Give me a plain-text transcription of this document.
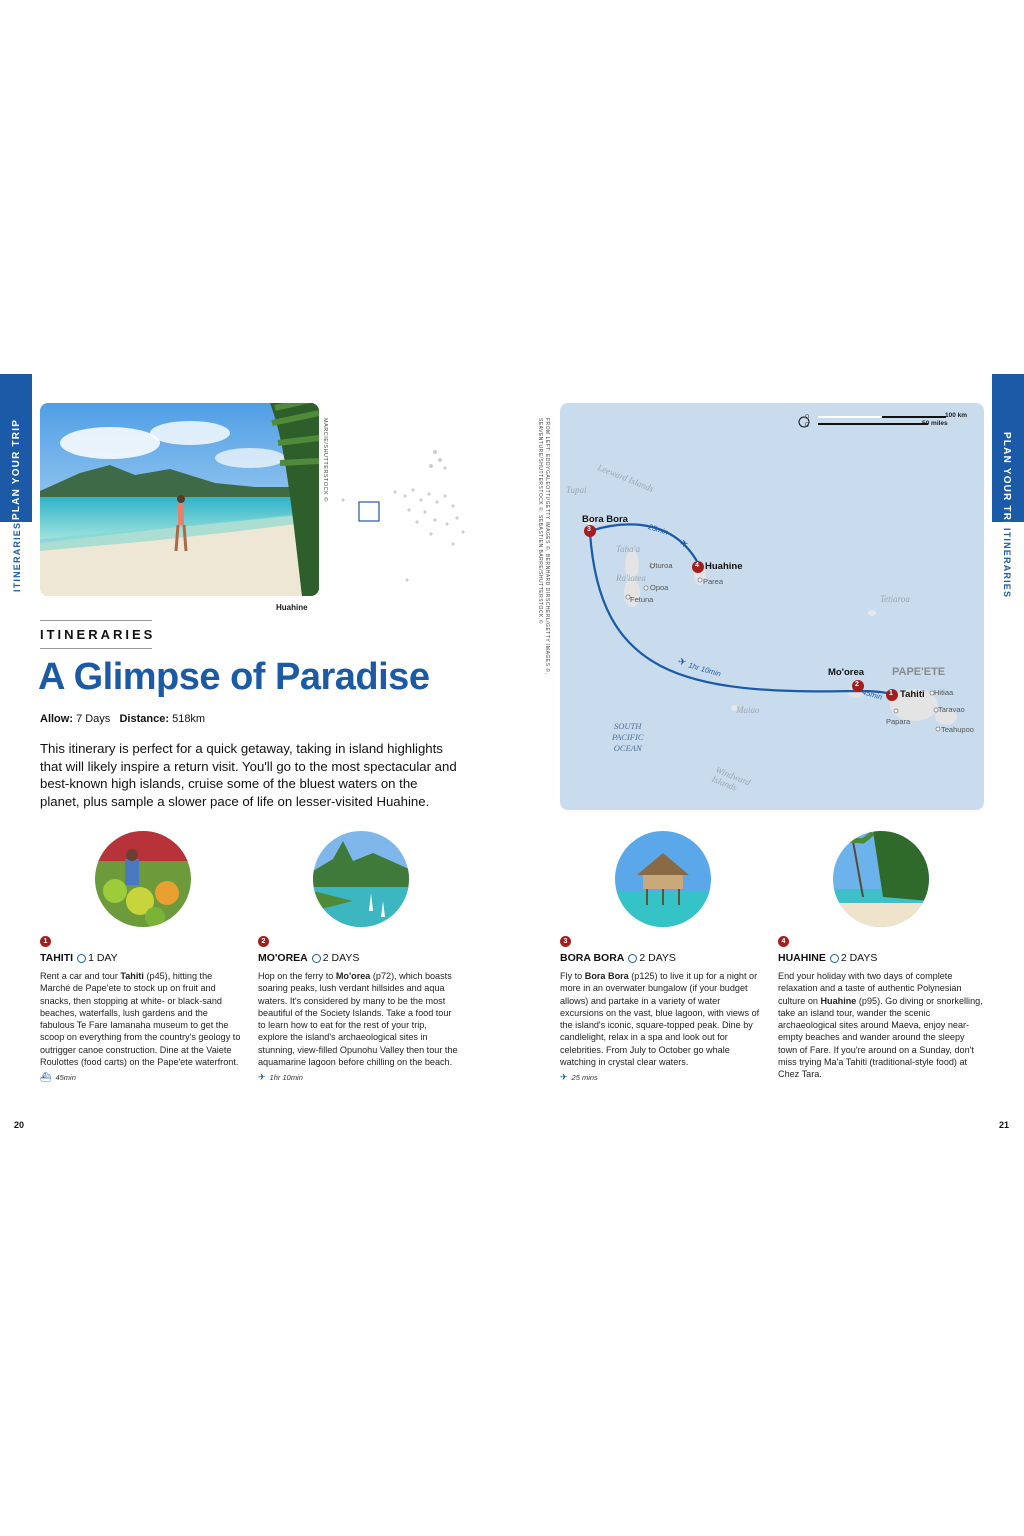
PLAN YOUR TRIP
ITINERARIES
PLAN YOUR TRIP
ITINERARIES
MARCIE/SHUTTERSTOCK ©
Huahine
ITINERARIES
A Glimpse of Paradise
Allow: 7 Days Distance: 518km
This itinerary is perfect for a quick getaway, taking in island highlights that will likely inspire a return visit. You'll go to the most spectacular and best-known high islands, cruise some of the bluest waters on the planet, plus sample a slower pace of life on lesser-visited Huahine.
1
TAHITI 1 DAY
Rent a car and tour Tahiti (p45), hitting the Marché de Pape'ete to stock up on fruit and snacks, then stopping at white- or black-sand beaches, waterfalls, lush gardens and the fabulous Te Fare Iamanaha museum to get the scoop on everything from the country's geology to outrigger canoe construction. Dine at the Vaiete Roulottes (food carts) on the Pape'ete waterfront.
⛴ 45min
2
MO'OREA 2 DAYS
Hop on the ferry to Mo'orea (p72), which boasts soaring peaks, lush verdant hillsides and aqua waters. It's considered by many to be the most beautiful of the Society Islands. Take a food tour to learn how to eat for the rest of your trip, explore the island's archaeological sites in stunning, view-filled Opunohu Valley then tour the aquamarine lagoon before chilling on the beach.
✈ 1hr 10min
3
BORA BORA 2 DAYS
Fly to Bora Bora (p125) to live it up for a night or more in an overwater bungalow (if your budget allows) and partake in a variety of water excursions on the vast, blue lagoon, with views of the island's iconic, square-topped peak. Dine by candlelight, relax in a spa and look out for celebrities. From July to October go whale watching in crystal clear waters.
✈ 25 mins
4
HUAHINE 2 DAYS
End your holiday with two days of complete relaxation and a taste of authentic Polynesian culture on Huahine (p95). Go diving or snorkelling, take an island tour, wander the scenic archaeological sites around Maeva, enjoy near-empty beaches and wander around the sleepy town of Fare. If you're around on a Sunday, don't miss trying Ma'a Tahiti (traditional-style food) at Chez Tara.
FROM LEFT: EDDYGALEOTTI/GETTY IMAGES ©, BERNHARD DIRSCHERL/GETTY IMAGES ©, SEAVENTURE/SHUTTERSTOCK ©, SEBASTIEN BARRE/SHUTTERSTOCK ©
0
0
100 km
50 miles
Leeward Islands
Tupai
Taha'a
Ra'iatea
Tetiaroa
Maiao
Windward Islands
SOUTH
PACIFIC
OCEAN
Bora Bora
Huahine
Mo'orea
Tahiti
PAPE'ETE
Uturoa
Opoa
Fetuna
Parea
Hitiaa
Taravao
Papara
Teahupoo
25min
1hr 10min
45min
3
4
2
1
✈
✈
20	21
